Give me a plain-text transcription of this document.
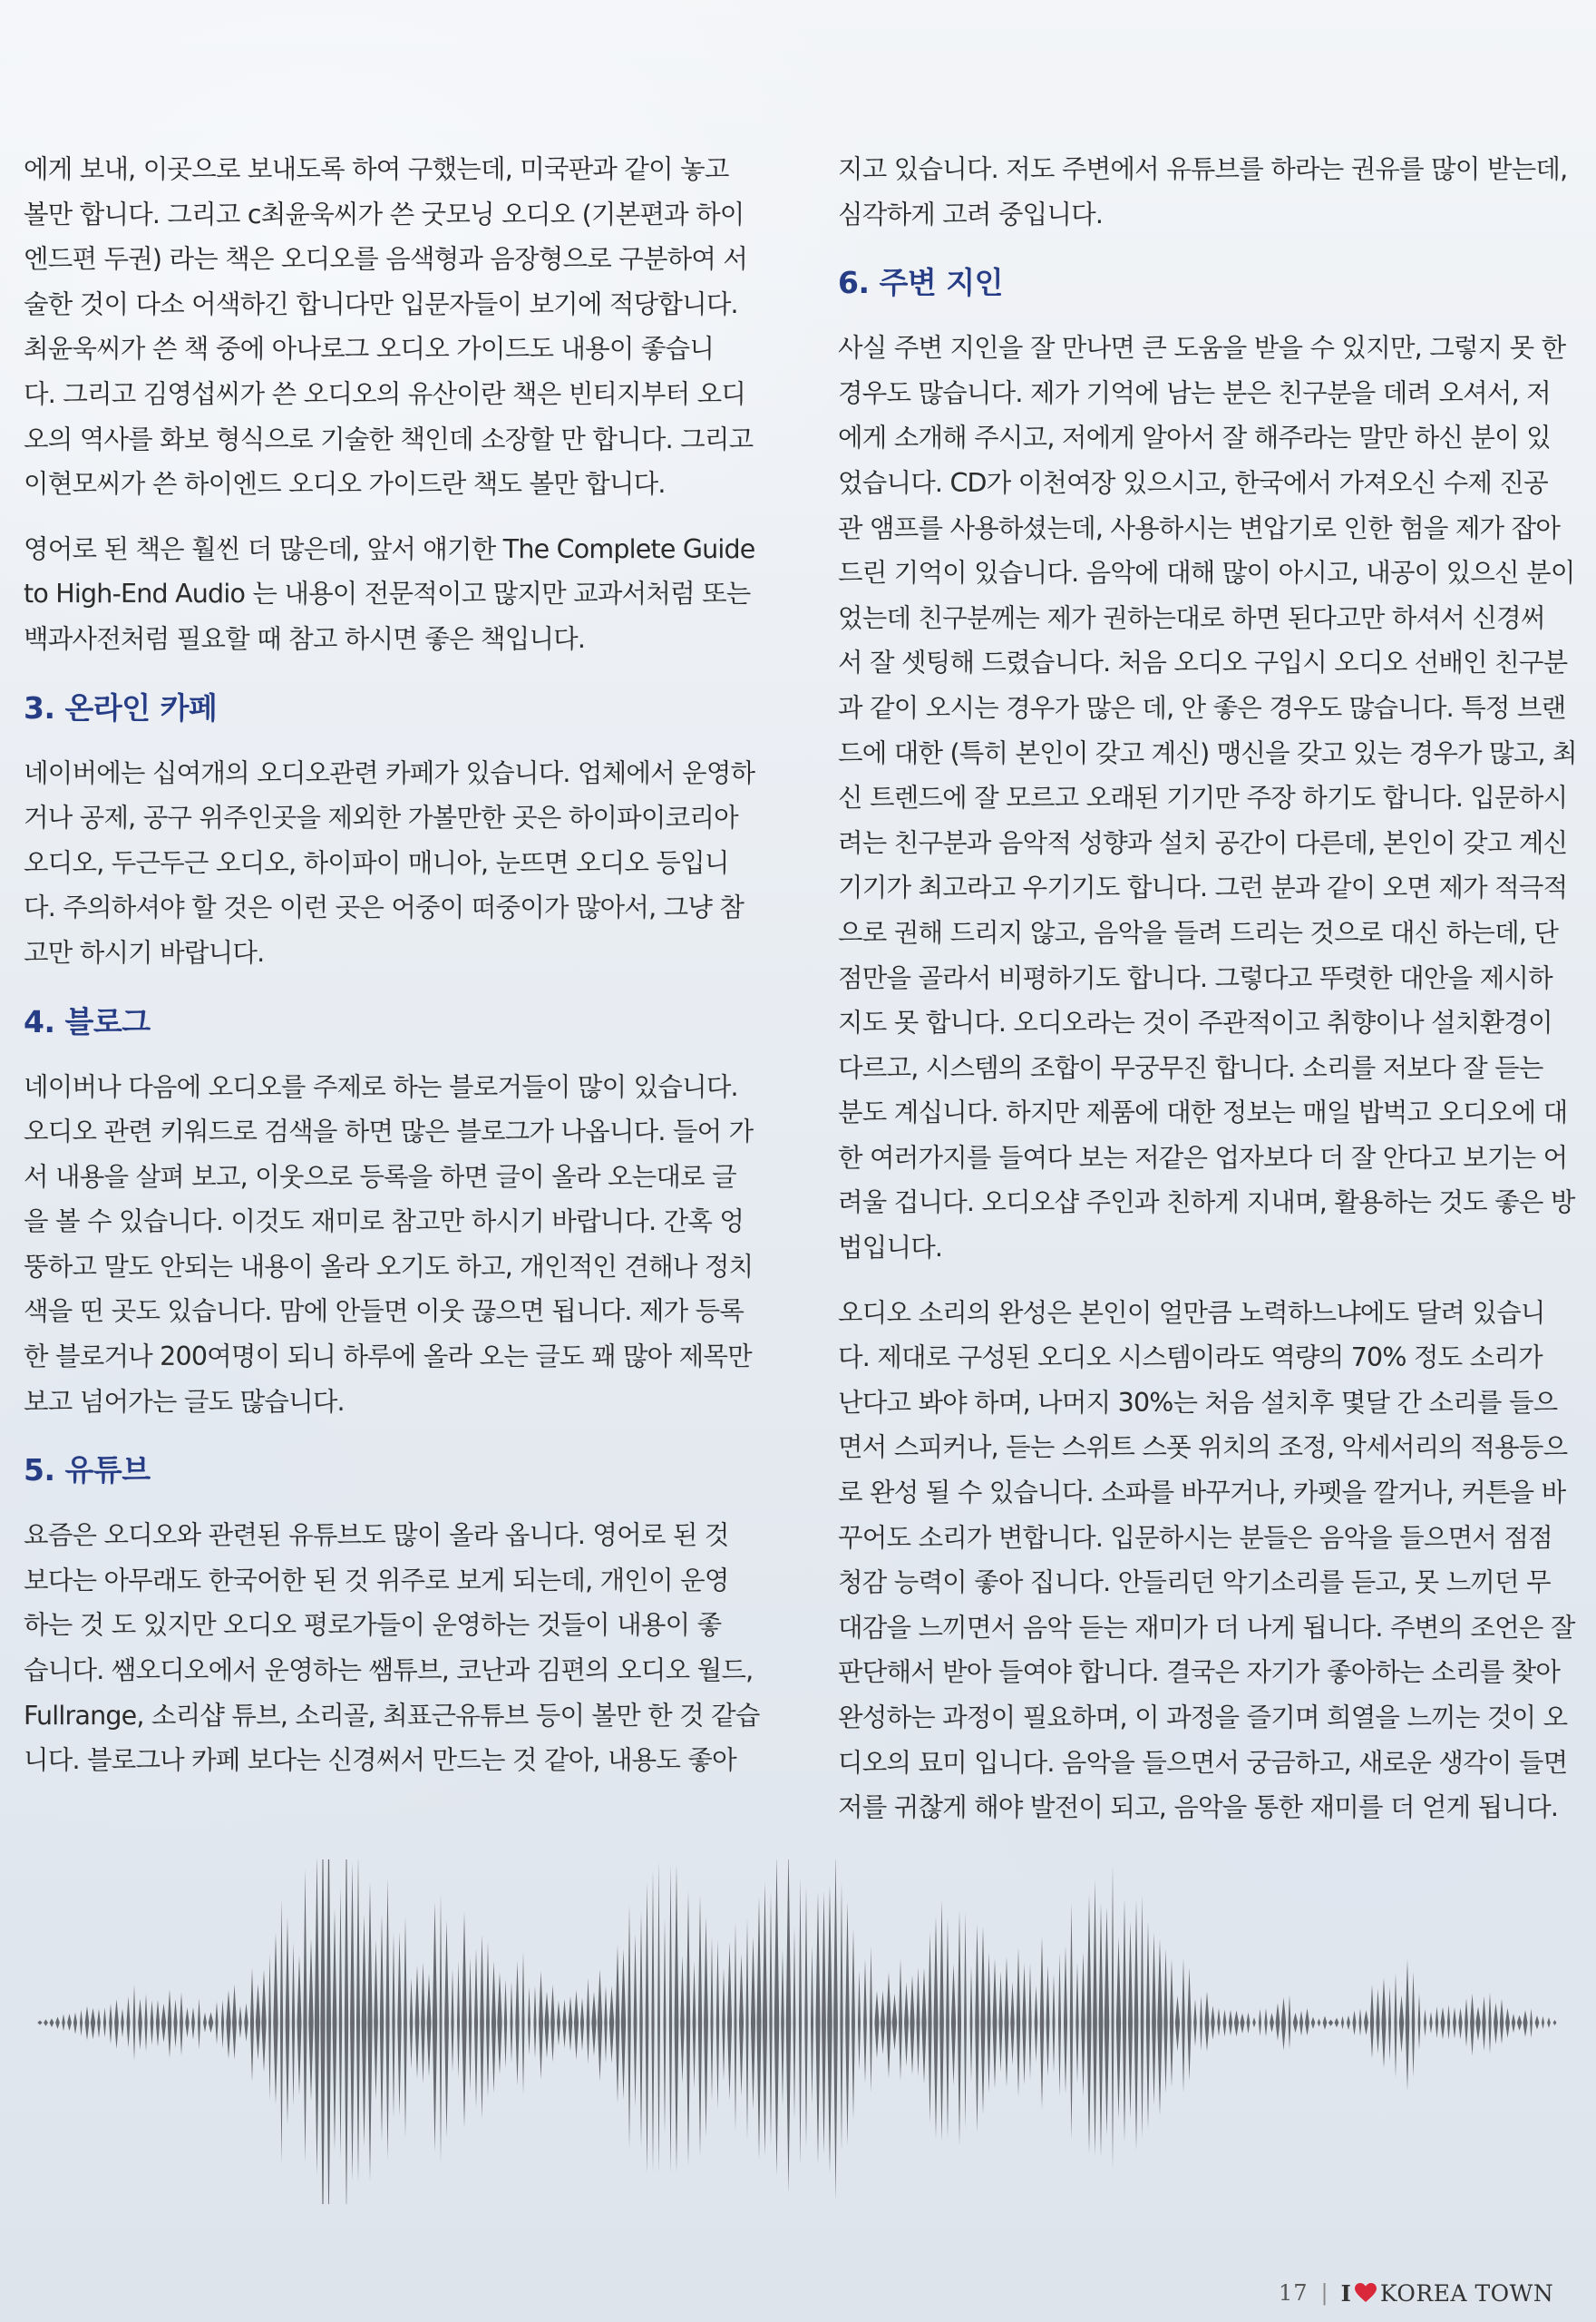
에게 보내, 이곳으로 보내도록 하여 구했는데, 미국판과 같이 놓고
볼만 합니다. 그리고 c최윤욱씨가 쓴 굿모닝 오디오 (기본편과 하이
엔드편 두권) 라는 책은 오디오를 음색형과 음장형으로 구분하여 서
술한 것이 다소 어색하긴 합니다만 입문자들이 보기에 적당합니다.
최윤욱씨가 쓴 책 중에 아나로그 오디오 가이드도 내용이 좋습니
다. 그리고 김영섭씨가 쓴 오디오의 유산이란 책은 빈티지부터 오디
오의 역사를 화보 형식으로 기술한 책인데 소장할 만 합니다. 그리고
이현모씨가 쓴 하이엔드 오디오 가이드란 책도 볼만 합니다.

영어로 된 책은 훨씬 더 많은데, 앞서 얘기한 The Complete Guide
to High-End Audio 는 내용이 전문적이고 많지만 교과서처럼 또는
백과사전처럼 필요할 때 참고 하시면 좋은 책입니다.

3. 온라인 카페

네이버에는 십여개의 오디오관련 카페가 있습니다. 업체에서 운영하
거나 공제, 공구 위주인곳을 제외한 가볼만한 곳은 하이파이코리아
오디오, 두근두근 오디오, 하이파이 매니아, 눈뜨면 오디오 등입니
다. 주의하셔야 할 것은 이런 곳은 어중이 떠중이가 많아서, 그냥 참
고만 하시기 바랍니다.

4. 블로그

네이버나 다음에 오디오를 주제로 하는 블로거들이 많이 있습니다.
오디오 관련 키워드로 검색을 하면 많은 블로그가 나옵니다. 들어 가
서 내용을 살펴 보고, 이웃으로 등록을 하면 글이 올라 오는대로 글
을 볼 수 있습니다. 이것도 재미로 참고만 하시기 바랍니다. 간혹 엉
뚱하고 말도 안되는 내용이 올라 오기도 하고, 개인적인 견해나 정치
색을 띤 곳도 있습니다. 맘에 안들면 이웃 끊으면 됩니다. 제가 등록
한 블로거나 200여명이 되니 하루에 올라 오는 글도 꽤 많아 제목만
보고 넘어가는 글도 많습니다.

5. 유튜브

요즘은 오디오와 관련된 유튜브도 많이 올라 옵니다. 영어로 된 것
보다는 아무래도 한국어한 된 것 위주로 보게 되는데, 개인이 운영
하는 것 도 있지만 오디오 평로가들이 운영하는 것들이 내용이 좋
습니다. 쌤오디오에서 운영하는 쌤튜브, 코난과 김편의 오디오 월드,
Fullrange, 소리샵 튜브, 소리골, 최표근유튜브 등이 볼만 한 것 같습
니다. 블로그나 카페 보다는 신경써서 만드는 것 같아, 내용도 좋아

지고 있습니다. 저도 주변에서 유튜브를 하라는 권유를 많이 받는데,
심각하게 고려 중입니다.

6. 주변 지인

사실 주변 지인을 잘 만나면 큰 도움을 받을 수 있지만, 그렇지 못 한
경우도 많습니다. 제가 기억에 남는 분은 친구분을 데려 오셔서, 저
에게 소개해 주시고, 저에게 알아서 잘 해주라는 말만 하신 분이 있
었습니다. CD가 이천여장 있으시고, 한국에서 가져오신 수제 진공
관 앰프를 사용하셨는데, 사용하시는 변압기로 인한 험을 제가 잡아
드린 기억이 있습니다. 음악에 대해 많이 아시고, 내공이 있으신 분이
었는데 친구분께는 제가 권하는대로 하면 된다고만 하셔서 신경써
서 잘 셋팅해 드렸습니다. 처음 오디오 구입시 오디오 선배인 친구분
과 같이 오시는 경우가 많은 데, 안 좋은 경우도 많습니다. 특정 브랜
드에 대한 (특히 본인이 갖고 계신) 맹신을 갖고 있는 경우가 많고, 최
신 트렌드에 잘 모르고 오래된 기기만 주장 하기도 합니다. 입문하시
려는 친구분과 음악적 성향과 설치 공간이 다른데, 본인이 갖고 계신
기기가 최고라고 우기기도 합니다. 그런 분과 같이 오면 제가 적극적
으로 권해 드리지 않고, 음악을 들려 드리는 것으로 대신 하는데, 단
점만을 골라서 비평하기도 합니다. 그렇다고 뚜렷한 대안을 제시하
지도 못 합니다. 오디오라는 것이 주관적이고 취향이나 설치환경이
다르고, 시스템의 조합이 무궁무진 합니다. 소리를 저보다 잘 듣는
분도 계십니다. 하지만 제품에 대한 정보는 매일 밥벅고 오디오에 대
한 여러가지를 들여다 보는 저같은 업자보다 더 잘 안다고 보기는 어
려울 겁니다. 오디오샵 주인과 친하게 지내며, 활용하는 것도 좋은 방
법입니다.

오디오 소리의 완성은 본인이 얼만큼 노력하느냐에도 달려 있습니
다. 제대로 구성된 오디오 시스템이라도 역량의 70% 정도 소리가
난다고 봐야 하며, 나머지 30%는 처음 설치후 몇달 간 소리를 들으
면서 스피커나, 듣는 스위트 스폿 위치의 조정, 악세서리의 적용등으
로 완성 될 수 있습니다. 소파를 바꾸거나, 카펫을 깔거나, 커튼을 바
꾸어도 소리가 변합니다. 입문하시는 분들은 음악을 들으면서 점점
청감 능력이 좋아 집니다. 안들리던 악기소리를 듣고, 못 느끼던 무
대감을 느끼면서 음악 듣는 재미가 더 나게 됩니다. 주변의 조언은 잘
판단해서 받아 들여야 합니다. 결국은 자기가 좋아하는 소리를 찾아
완성하는 과정이 필요하며, 이 과정을 즐기며 희열을 느끼는 것이 오
디오의 묘미 입니다. 음악을 들으면서 궁금하고, 새로운 생각이 들면
저를 귀찮게 해야 발전이 되고, 음악을 통한 재미를 더 얻게 됩니다.

17 | I KOREA TOWN
